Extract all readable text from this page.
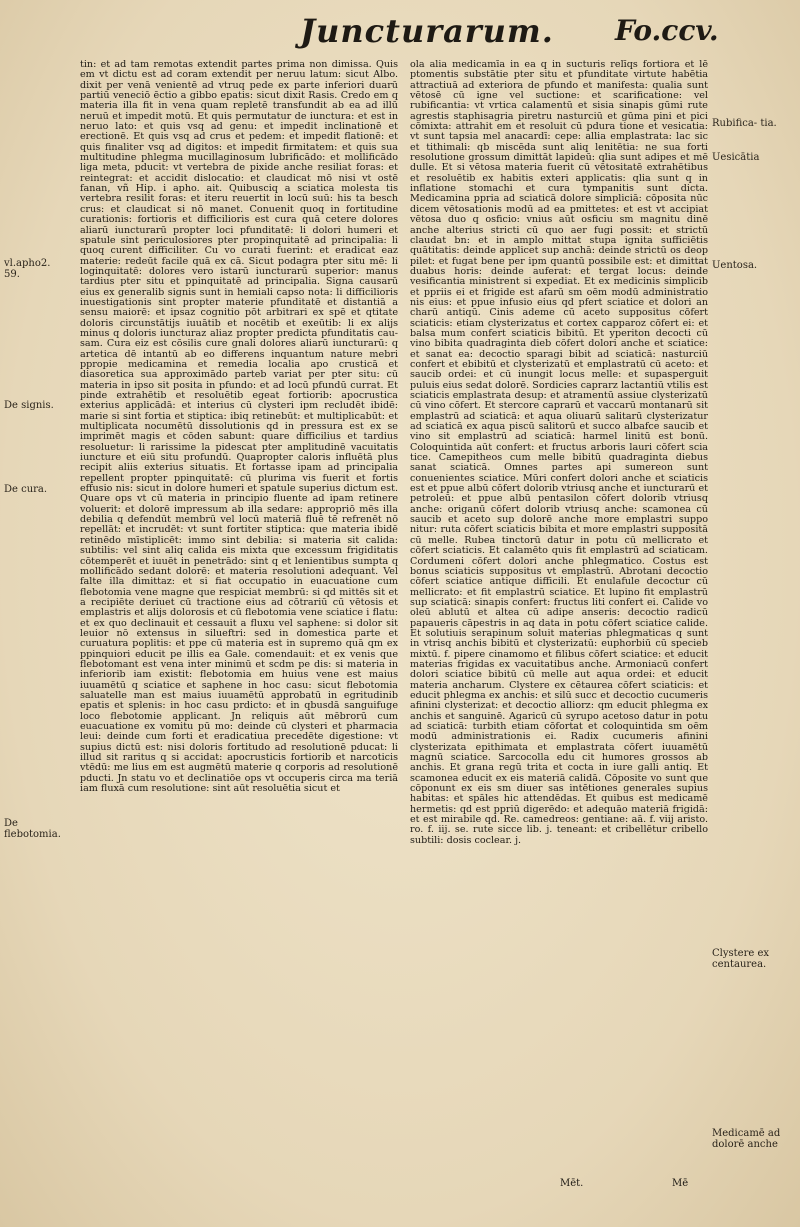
Juncturarum. Fo.ccv.

tin: et ad tam remotas extendit partes prima non dimissa. Quis em vt dictu est ad coram extendit per neruu latum: sicut Albo. dixit per venā venientē ad vtruq pede ex parte inferiori duarū partiū veneciō ēctio a gibbo epatis: sicut dixit Rasis. Credo em q materia illa fit in vena quam repletē transfundit ab ea ad illū neruū et impedit motū. Et quis permutatur de iunctura: et est in neruo lato: et quis vsq ad genu: et impedit inclinationē et erectionē. Et quis vsq ad crus et pedem: et impedit flationē: et quis finaliter vsq ad digitos: et impedit firmitatem: et quis sua multitudine phlegma mucillaginosum lubrificādo: et mollificādo liga meta, pducit: vt vertebra de pixide anche resiliat foras: et reintegrat: et accidit dislocatio: et claudicat mō nisi vt ostē fanan, vñ Hip. i apho. ait. Quibusciq a sciatica molesta tis vertebra resilit foras: et iteru reuertit in locū suū: his ta besch crus: et claudicat si nō manet. Conuenit quoq in fortitudine curationis: fortioris et difficilioris est cura quā cetere dolores aliarū iuncturarū propter loci pfunditatē: li dolori humeri et spatule sint periculosiores pter propinquitatē ad principalia: li quoq curent difficiliter. Cu vo curati fuerint: et eradicat eaz materie: redeūt facile quā ex cā. Sicut podagra pter situ mē: li loginquitatē: dolores vero istarū iuncturarū superior: manus tardius pter situ et ppinquitatē ad principalia. Signa causarū eius ex generalib signis sunt in hemiali capso nota: li difficilioris inuestigationis sint propter materie pfunditatē et distantiā a sensu maiorē: et ipsaz cognitio pōt arbitrari ex spē et qtitate doloris circunstātijs iuuātib et nocētib et exeūtib: li ex alijs minus q doloris iuncturaz aliaz propter predicta pfunditatis cau- sam. Cura eiz est cōsilis cure gnali dolores aliarū iuncturarū: q artetica dē intantū ab eo differens inquantum nature mebri ppropie medicamina et remedia localia apo crusticā et diasoretica sua approximādo parteb variat per pter situ: cū materia in ipso sit posita in pfundo: et ad locū pfundū currat. Et pinde extrahētib et resoluētib egeat fortiorib: apocrustica exterius applicādā: et interius cū clysteri ipm recludēt ibidē: marie si sint fortia et stiptica: ibiq retinebūt: et multiplicabūt: et multiplicata nocumētū dissolutionis qd in pressura est ex se imprimēt magis et cōden sabunt: quare difficilius et tardius resoluetur: li rarissime la pidescat pter amplitudinē vacuitatis iuncture et eiū situ profundū. Quapropter caloris influētā plus recipit aliis exterius situatis. Et fortasse ipam ad principalia repellent propter ppinquitatē: cū plurima vis fuerit et fortis effusio nis: sicut in dolore humeri et spatule superius dictum est. Quare ops vt cū materia in principio fluente ad ipam retinere voluerit: et dolorē impressum ab illa sedare: appropriō mēs illa debilia q defendūt membrū vel locū materiā fluē tē refrenēt nō repellāt: et incrudēt: vt sunt fortiter stiptica: que materia ibidē retinēdo mīstiplicēt: immo sint debilia: si materia sit calida: subtilis: vel sint aliq calida eis mixta que excessum frigiditatis cōtemperēt et iuuēt in penetrādo: sint q et lenientibus sumpta q mollificādo sedant dolorē: et materia resolutioni adequant. Vel falte illa dimittaz: et si fiat occupatio in euacuatione cum flebotomia vene magne que respiciat membrū: si qd mittēs sit et a recipiēte deriuet cū tractione eius ad cōtrariū cū vētosis et emplastris et alijs dolorosis et cū flebotomia vene sciatice i flatu: et ex quo declinauit et cessauit a fluxu vel saphene: si dolor sit leuior nō extensus in silueftri: sed in domestica parte et curuatura poplitis: et ppe cū materia est in supremo quā qm ex ppinquiori educit pe illis ea Gale. comendauit: et ex venis que flebotomant est vena inter minimū et scdm pe dis: si materia in inferiorib iam existit: flebotomia em huius vene est maius iuuamētū q sciatice et saphene in hoc casu: sicut flebotomia saluatelle man est maius iuuamētū approbatū in egritudinib epatis et splenis: in hoc casu prdicto: et in qbusdā sanguifuge loco flebotomie applicant. Jn reliquis aūt mēbrorū cum euacuatione ex vomitu pū mo: deinde cū clysteri et pharmacia leui: deinde cum forti et eradicatiua precedēte digestione: vt supius dictū est: nisi doloris fortitudo ad resolutionē pducat: li illud sit raritus q si accidat: apocrusticis fortiorib et narcoticis vtēdū: me lius em est augmētū materie q corporis ad resolutionē pducti. Jn statu vo et declinatiōe ops vt occuperis circa ma teriā iam fluxā cum resolutione: sint aūt resoluētia sicut et

ola alia medicamīa in ea q in sucturis relīqs fortiora et lē ptomentis substātie pter situ et pfunditate virtute habētia attractiuā ad exteriora de pfundo et manifesta: qualia sunt vētosē cū igne vel suctione: et scarificatione: vel rubificantia: vt vrtica calamentū et sisia sinapis gūmi rute agrestis staphisagria piretru nasturciū et gūma pini et pici cōmixta: attrahit em et resoluit cū pdura tione et vesicatia: vt sunt tapsia mel anacardī: cepe: allia emplastrata: lac sic et tithimali: qb miscēda sunt aliq lenitētia: ne sua forti resolutione grossum dimittāt lapideū: qlia sunt adipes et mē dulle. Et si vētosa materia fuerit cū vētositatē extrahētibus et resoluētib ex habitis exteri applicatis: qlia sunt q in inflatione stomachi et cura tympanitis sunt dicta. Medicamina ppria ad sciaticā dolore simpliciā: cōposita nūc dicem vētosationis modū ad ea pmittetes: et est vt accipiat vētosa duo q osficio: vnius aūt osficiu sm magnitu dinē anche alterius stricti cū quo aer fugi possit: et strictū claudat bn: et in amplo mittat stupa ignita sufficiētis quātitatis: deinde applicet sup anchā: deinde strictū os deop pilet: et fugat bene per ipm quantū possibile est: et dimittat duabus horis: deinde auferat: et tergat locus: deinde vesificantia ministrent si expediat. Et ex medicinis simplicib et ppriis ei et frigide est afarū sm oēm modū administratio nis eius: et ppue infusio eius qd pfert sciatice et dolori an charū antiqū. Cinis ademe cū aceto suppositus cōfert sciaticis: etiam clysterizatus et cortex capparoz cōfert ei: et balsa mum confert sciaticis bibitū. Et yperiton decocti cū vino bibita quadraginta dieb cōfert dolori anche et sciatice: et sanat ea: decoctio sparagi bibit ad sciaticā: nasturciū confert et ebibitū et clysterizatū et emplastratū cū aceto: et saucib ordei: et cū inungit locus melle: et supasperguit puluis eius sedat dolorē. Sordicies caprarz lactantiū vtilis est sciaticis emplastrata desup: et atramentū assiue clysterizatū cū vino cōfert. Et stercore caprarū et vaccarū montanarū sit emplastrū ad sciaticā: et aqua oliuarū salitarū clysterizatur ad sciaticā ex aqua piscū salitorū et succo albafce saucib et vino sit emplastrū ad sciaticā: harmel linitū est bonū. Coloquintida aūt confert: et fructus arboris lauri cōfert scia tice. Camepitheos cum melle bibitū quadraginta diebus sanat sciaticā. Omnes partes api sumereon sunt conuenientes sciatice. Mūri confert dolori anche et sciaticis est et ppue albū cōfert dolorib vtriusq anche et iuncturarū et petroleū: et ppue albū pentasilon cōfert dolorib vtriusq anche: origanū cōfert dolorib vtriusq anche: scamonea cū saucib et aceto sup dolorē anche more emplastri suppo nitur: ruta cōfert sciaticis bibita et more emplastri suppositā cū melle. Rubea tinctorū datur in potu cū mellicrato et cōfert sciaticis. Et calamēto quis fit emplastrū ad sciaticam. Cordumeni cōfert dolori anche phlegmatico. Costus est bonus sciaticis suppositus vt emplastrū. Abrotani decoctio cōfert sciatice antique difficili. Et enulafule decoctur cū mellicrato: et fit emplastrū sciatice. Et lupino fit emplastrū sup sciaticā: sinapis confert: fructus liti confert ei. Calide vo oleū ablutū et altea cū adipe anseris: decoctio radicū papaueris cāpestris in aq data in potu cōfert sciatice calide. Et solutiuis serapinum soluit materias phlegmaticas q sunt in vtrisq anchis bibitū et clysterizatū: euphorbiū cū specieb mixtū. f. pipere cinamomo et filibus cōfert sciatice: et educit materias frigidas ex vacuitatibus anche. Armoniacū confert dolori sciatice bibitū cū melle aut aqua ordei: et educit materia ancharum. Clystere ex cētaurea cōfert sciaticis: et educit phlegma ex anchis: et silū succ et decoctio cucumeris afinini clysterizat: et decoctio alliorz: qm educit phlegma ex anchis et sanguinē. Agaricū cū syrupo acetoso datur in potu ad sciaticā: turbith etiam cōfortat et coloquintida sm oēm modū administrationis ei. Radix cucumeris afinini clysterizata epithimata et emplastrata cōfert iuuamētū magnū sciatice. Sarcocolla edu cit humores grossos ab anchis. Et grana regū trita et cocta in iure galli antiq. Et scamonea educit ex eis materiā calidā. Cōposite vo sunt que cōponunt ex eis sm diuer sas intētiones generales supius habitas: et spāles hic attendēdas. Et quibus est medicamē hermetis: qd est ppriū digerēdo: et adequāo materiā frigidā: et est mirabile qd. Re. camedreos: gentiane: aā. f. viij aristo. ro. f. iij. se. rute sicce lib. j. teneant: et cribellētur cribello subtili: dosis coclear. j.

vl.apho2. 59.
De signis.
De cura.
De flebotomia.
Rubifica- tia.
Uesicātia
Uentosa.
Clystere ex centaurea.
Medicamē ad dolorē anche
Mēt.	Mē
